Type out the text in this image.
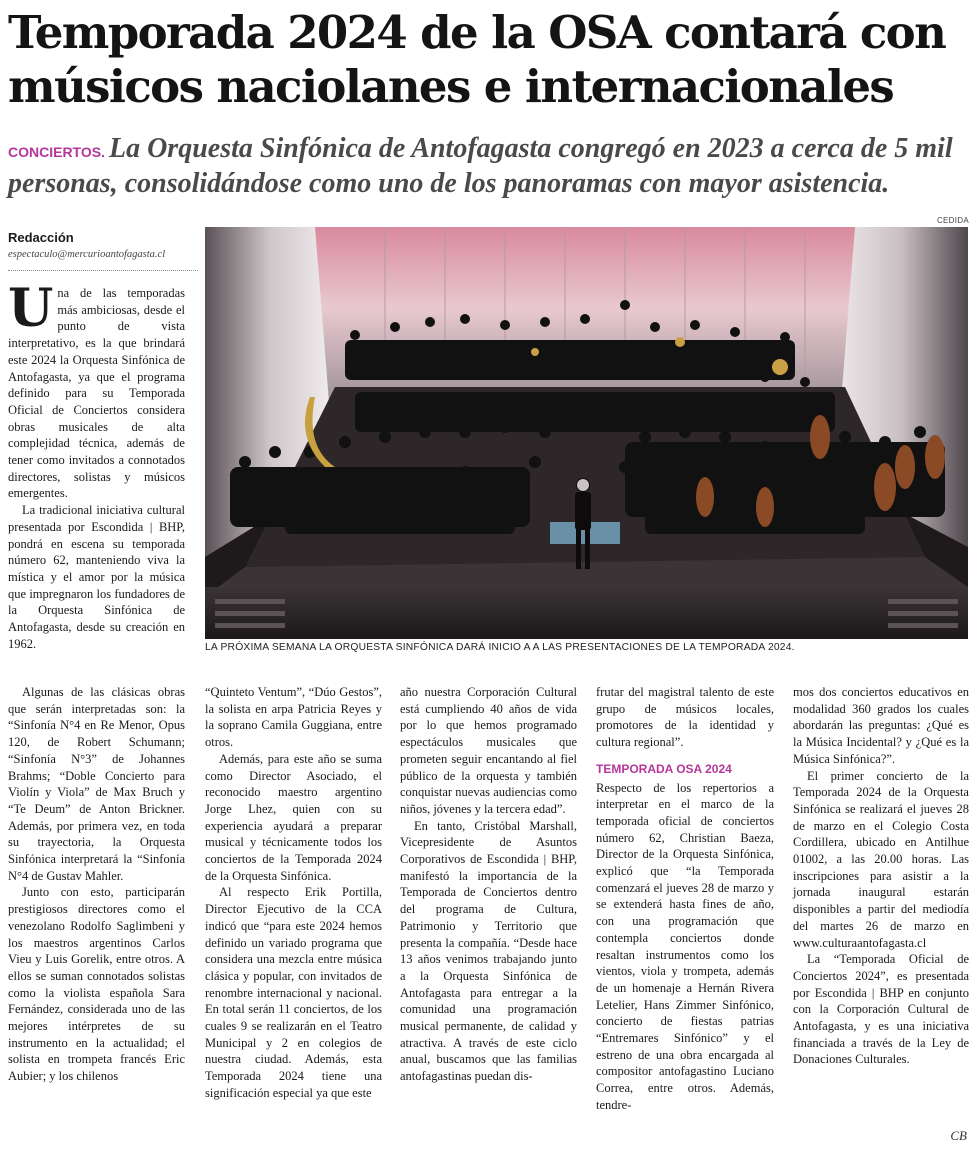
Temporada 2024 de la OSA contará con músicos naciolanes e internacionales
CONCIERTOS. La Orquesta Sinfónica de Antofagasta congregó en 2023 a cerca de 5 mil personas, consolidándose como uno de los panoramas con mayor asistencia.
CEDIDA
Redacción
espectaculo@mercurioantofagasta.cl
LA PRÓXIMA SEMANA LA ORQUESTA SINFÓNICA DARÁ INICIO A A LAS PRESENTACIONES DE LA TEMPORADA 2024.

Una de las temporadas más ambiciosas, desde el punto de vista interpretativo, es la que brindará este 2024 la Orquesta Sinfónica de Antofagasta, ya que el programa definido para su Temporada Oficial de Conciertos considera obras musicales de alta complejidad técnica, además de tener como invitados a connotados directores, solistas y músicos emergentes.

La tradicional iniciativa cultural presentada por Escondida | BHP, pondrá en escena su temporada número 62, manteniendo viva la mística y el amor por la música que impregnaron los fundadores de la Orquesta Sinfónica de Antofagasta, desde su creación en 1962.

Algunas de las clásicas obras que serán interpretadas son: la “Sinfonía N°4 en Re Menor, Opus 120, de Robert Schumann; “Sinfonía N°3” de Johannes Brahms; “Doble Concierto para Violín y Viola” de Max Bruch y “Te Deum” de Anton Brickner. Además, por primera vez, en toda su trayectoria, la Orquesta Sinfónica interpretará la “Sinfonía N°4 de Gustav Mahler.

Junto con esto, participarán prestigiosos directores como el venezolano Rodolfo Saglimbeni y los maestros argentinos Carlos Vieu y Luis Gorelik, entre otros. A ellos se suman connotados solistas como la violista española Sara Fernández, considerada uno de las mejores intérpretes de su instrumento en la actualidad; el solista en trompeta francés Eric Aubier; y los chilenos

“Quinteto Ventum”, “Dúo Gestos”, la solista en arpa Patricia Reyes y la soprano Camila Guggiana, entre otros.

Además, para este año se suma como Director Asociado, el reconocido maestro argentino Jorge Lhez, quien con su experiencia ayudará a preparar musical y técnicamente todos los conciertos de la Temporada 2024 de la Orquesta Sinfónica.

Al respecto Erik Portilla, Director Ejecutivo de la CCA indicó que “para este 2024 hemos definido un variado programa que considera una mezcla entre música clásica y popular, con invitados de renombre internacional y nacional. En total serán 11 conciertos, de los cuales 9 se realizarán en el Teatro Municipal y 2 en colegios de nuestra ciudad. Además, esta Temporada 2024 tiene una significación especial ya que este

año nuestra Corporación Cultural está cumpliendo 40 años de vida por lo que hemos programado espectáculos musicales que prometen seguir encantando al fiel público de la orquesta y también conquistar nuevas audiencias como niños, jóvenes y la tercera edad”.

En tanto, Cristóbal Marshall, Vicepresidente de Asuntos Corporativos de Escondida | BHP, manifestó la importancia de la Temporada de Conciertos dentro del programa de Cultura, Patrimonio y Territorio que presenta la compañía. “Desde hace 13 años venimos trabajando junto a la Orquesta Sinfónica de Antofagasta para entregar a la comunidad una programación musical permanente, de calidad y atractiva. A través de este ciclo anual, buscamos que las familias antofagastinas puedan dis-

frutar del magistral talento de este grupo de músicos locales, promotores de la identidad y cultura regional”.

TEMPORADA OSA 2024

Respecto de los repertorios a interpretar en el marco de la temporada oficial de conciertos número 62, Christian Baeza, Director de la Orquesta Sinfónica, explicó que “la Temporada comenzará el jueves 28 de marzo y se extenderá hasta fines de año, con una programación que contempla conciertos donde resaltan instrumentos como los vientos, viola y trompeta, además de un homenaje a Hernán Rivera Letelier, Hans Zimmer Sinfónico, concierto de fiestas patrias “Entremares Sinfónico” y el estreno de una obra encargada al compositor antofagastino Luciano Correa, entre otros. Además, tendre-

mos dos conciertos educativos en modalidad 360 grados los cuales abordarán las preguntas: ¿Qué es la Música Incidental? y ¿Qué es la Música Sinfónica?”.

El primer concierto de la Temporada 2024 de la Orquesta Sinfónica se realizará el jueves 28 de marzo en el Colegio Costa Cordillera, ubicado en Antilhue 01002, a las 20.00 horas. Las inscripciones para asistir a la jornada inaugural estarán disponibles a partir del mediodía del martes 26 de marzo en www.culturaantofagasta.cl

La “Temporada Oficial de Conciertos 2024”, es presentada por Escondida | BHP en conjunto con la Corporación Cultural de Antofagasta, y es una iniciativa financiada a través de la Ley de Donaciones Culturales.

CB
